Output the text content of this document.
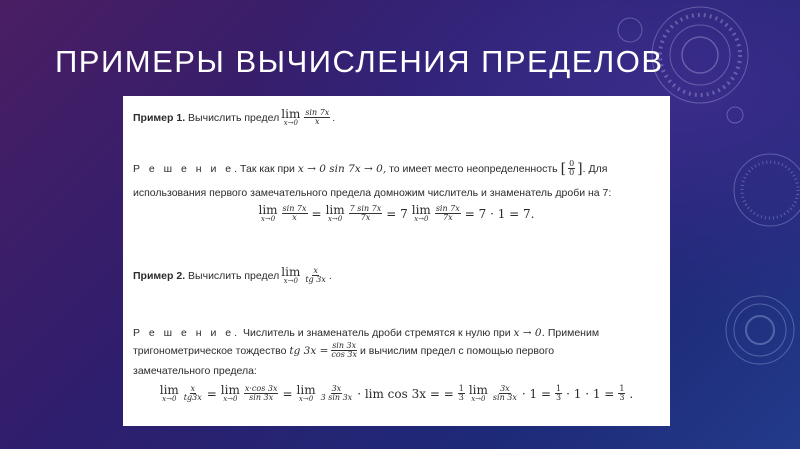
ПРИМЕРЫ ВЫЧИСЛЕНИЯ ПРЕДЕЛОВ
Пример 1.
Вычислить предел lim
$x\to 0 \frac{\sin 7x}{x}$ .
Р е ш е н и е. Так как при
x → 0 sin 7x → 0,
то имеет место неопределенность [ $\frac{0}{0}$ ] . Для
использования первого замечательного предела домножим числитель и знаменатель дроби на 7:
lim
$x\to 0 \frac{\sin 7x}{x} = \lim$
$x\to 0 \frac{7 \sin 7x}{7x} = 7$ lim
$x\to 0 \frac{\sin 7x}{7x} = 7 \cdot 1 = 7$.
Пример 2.
Вычислить предел lim
$x\to 0 \frac{x}{tg 3x}$ .
Р е ш е н и е.
Числитель и знаменатель дроби стремятся к нулю при
x → 0.
Применим
тригонометрическое тождество
tg $3x = \frac{\sin 3x}{\cos 3x}$ и вычислим предел с помощью первого
замечательного предела:
lim
$x\to 0 \frac{x}{tg3x} = \lim$
$x\to 0 \frac{x\cdot\cos 3x}{\sin 3x} = \lim$
$x\to 0 \frac{3x}{3 \sin 3x} \cdot \lim \cos 3x$ = = $\frac{1}{3}$ lim
$x\to 0 \frac{3x}{\sin 3x} \cdot 1 = \frac{1}{3} \cdot 1 \cdot 1 = \frac{1}{3}$ .
